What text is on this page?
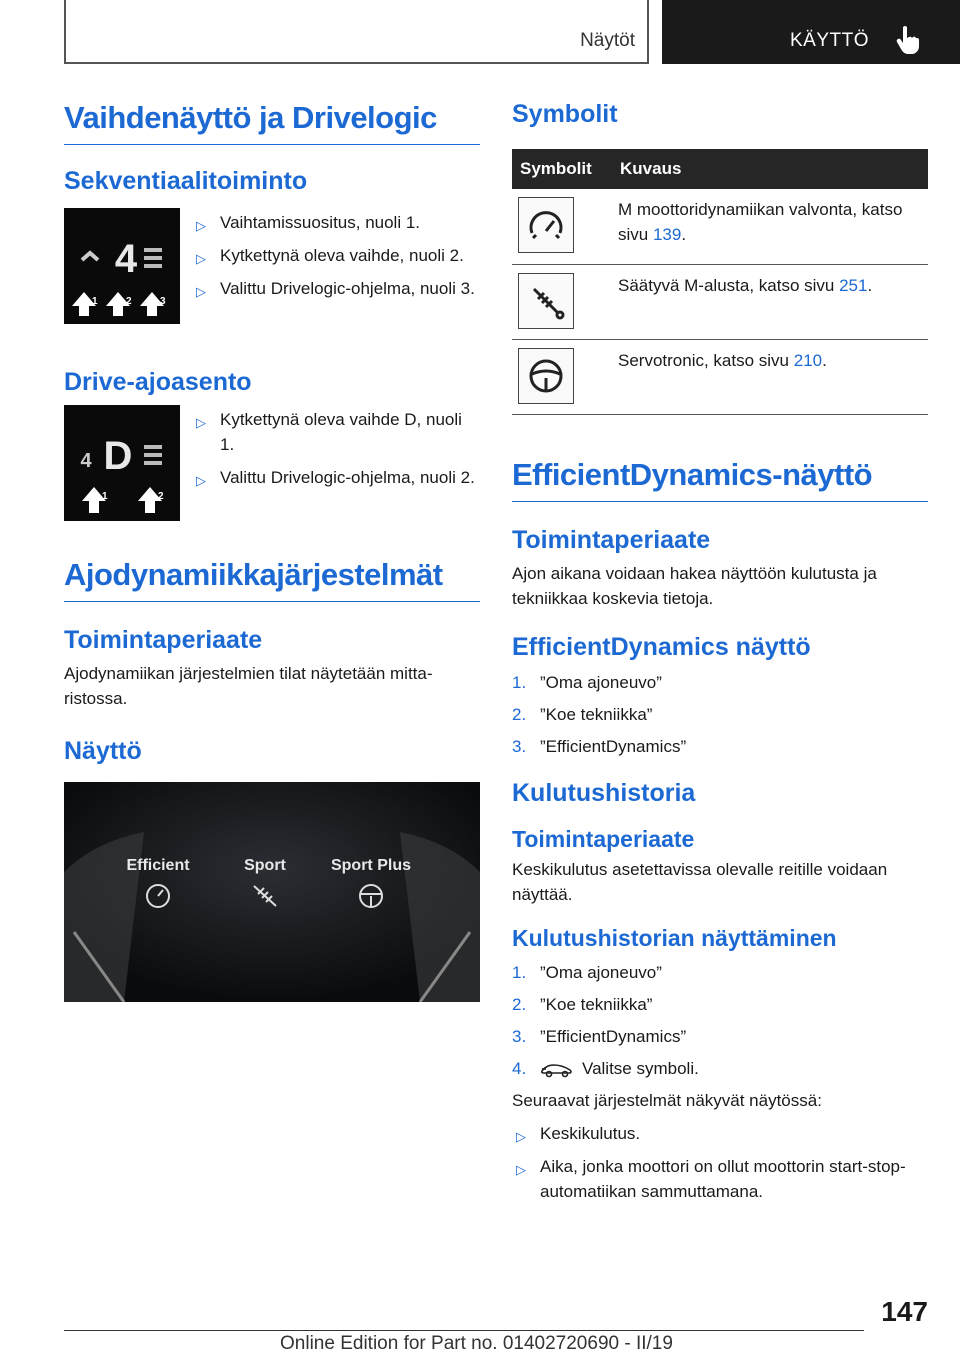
Näytöt	KÄYTTÖ
Vaihdenäyttö ja Drivelogic
Sekventiaalitoiminto
4
1	2	3
▷ Vaihtamissuositus, nuoli 1.
▷ Kytkettynä oleva vaihde, nuoli 2.
▷ Valittu Drivelogic-ohjelma, nuoli 3.
Drive-ajoasento
4 D
1	2
▷ Kytkettynä oleva vaihde D, nuoli 1.
▷ Valittu Drivelogic-ohjelma, nuoli 2.
Ajodynamiikkajärjestelmät
Toimintaperiaate

Ajodynamiikan järjestelmien tilat näytetään mittaristossa.

Näyttö
Efficient	Sport	Sport Plus
Symbolit
Symbolit	Kuvaus

	M moottoridynamiikan valvonta, katso sivu 139.

	Säätyvä M-alusta, katso sivu 251.

	Servotronic, katso sivu 210.
EfficientDynamics-näyttö
Toimintaperiaate

Ajon aikana voidaan hakea näyttöön kulutusta ja tekniikkaa koskevia tietoja.

EfficientDynamics näyttö
1. ”Oma ajoneuvo”
2. ”Koe tekniikka”
3. ”EfficientDynamics”
Kulutushistoria
Toimintaperiaate

Keskikulutus asetettavissa olevalle reitille voidaan näyttää.

Kulutushistorian näyttäminen
1. ”Oma ajoneuvo”
2. ”Koe tekniikka”
3. ”EfficientDynamics”
4.	Valitse symboli.

Seuraavat järjestelmät näkyvät näytössä:

▷ Keskikulutus.
▷ Aika, jonka moottori on ollut moottorin start-stop-automatiikan sammuttamana.
147
Online Edition for Part no. 01402720690 - II/19
